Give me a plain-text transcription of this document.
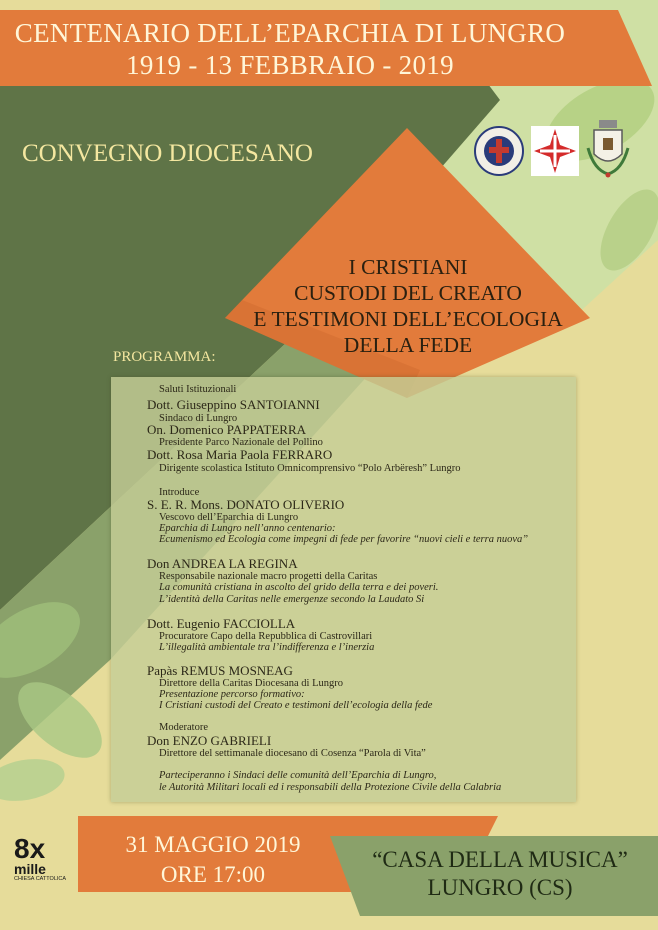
CENTENARIO DELL’EPARCHIA DI LUNGRO
1919 - 13 FEBBRAIO - 2019
CONVEGNO DIOCESANO
I CRISTIANI
CUSTODI DEL CREATO
E TESTIMONI DELL’ECOLOGIA
DELLA FEDE
PROGRAMMA:
Saluti Istituzionali
Dott. Giuseppino SANTOIANNI
Sindaco di Lungro
On. Domenico PAPPATERRA
Presidente Parco Nazionale del Pollino
Dott. Rosa Maria Paola FERRARO
Dirigente scolastica Istituto Omnicomprensivo “Polo Arbëresh” Lungro
Introduce
S. E. R. Mons. DONATO OLIVERIO
Vescovo dell’Eparchia di Lungro
Eparchia di Lungro nell’anno centenario:
Ecumenismo ed Ecologia come impegni di fede per favorire “nuovi cieli e terra nuova”
Don ANDREA LA REGINA
Responsabile nazionale macro progetti della Caritas
La comunità cristiana in ascolto del grido della terra e dei poveri.
L’identità della Caritas nelle emergenze secondo la Laudato Si
Dott. Eugenio FACCIOLLA
Procuratore Capo della Repubblica di Castrovillari
L’illegalità ambientale tra l’indifferenza e l’inerzia
Papàs REMUS MOSNEAG
Direttore della Caritas Diocesana di Lungro
Presentazione percorso formativo:
I Cristiani custodi del Creato e testimoni dell’ecologia della fede
Moderatore
Don ENZO GABRIELI
Direttore del settimanale diocesano di Cosenza “Parola di Vita”
Parteciperanno i Sindaci delle comunità dell’Eparchia di Lungro,
le Autorità Militari locali ed i responsabili della Protezione Civile della Calabria
8x
mille
CHIESA CATTOLICA
31 MAGGIO 2019
ORE 17:00
“CASA DELLA MUSICA”
LUNGRO (CS)
